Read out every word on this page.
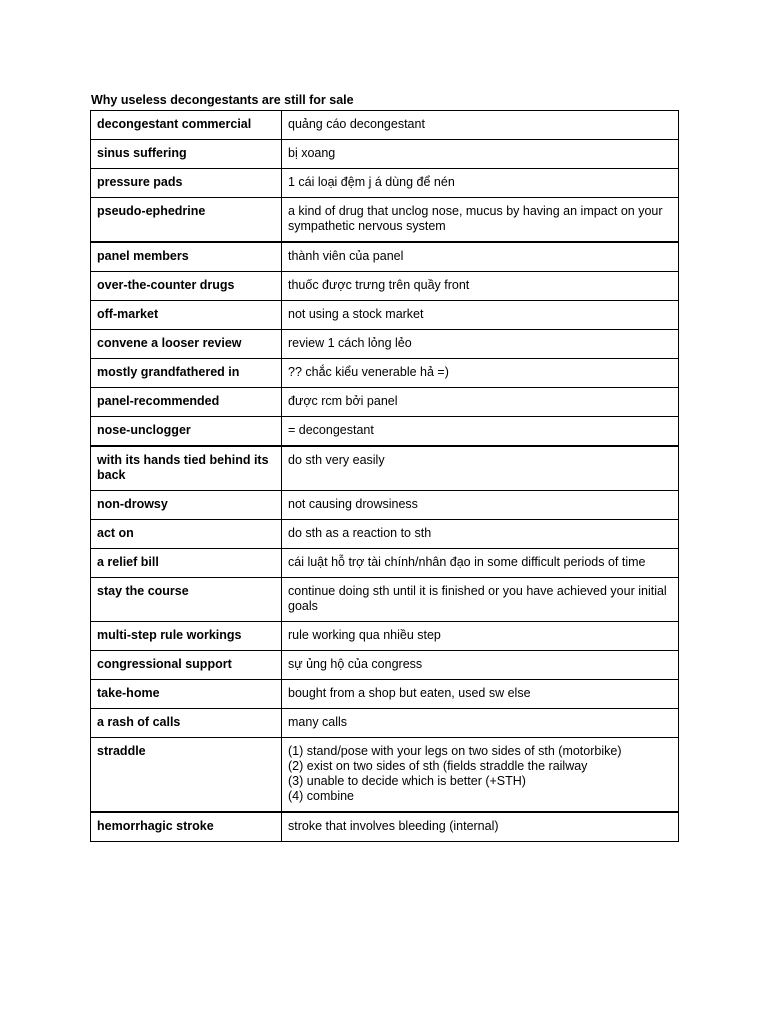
Why useless decongestants are still for sale
decongestant commercial	quảng cáo decongestant

sinus suffering	bị xoang

pressure pads	1 cái loại đệm j á dùng để nén

pseudo-ephedrine	a kind of drug that unclog nose, mucus by having an impact on your sympathetic nervous system

panel members	thành viên của panel

over-the-counter drugs	thuốc được trưng trên quầy front

off-market	not using a stock market

convene a looser review	review 1 cách lỏng lẻo

mostly grandfathered in	?? chắc kiểu venerable hả =)

panel-recommended	được rcm bởi panel

nose-unclogger	= decongestant

with its hands tied behind its back	do sth very easily

non-drowsy	not causing drowsiness

act on	do sth as a reaction to sth

a relief bill	cái luật hỗ trợ tài chính/nhân đạo in some difficult periods of time

stay the course	continue doing sth until it is finished or you have achieved your initial goals

multi-step rule workings	rule working qua nhiều step

congressional support	sự ủng hộ của congress

take-home	bought from a shop but eaten, used sw else

a rash of calls	many calls

straddle	(1) stand/pose with your legs on two sides of sth (motorbike)
(2) exist on two sides of sth (fields straddle the railway
(3) unable to decide which is better (+STH)
(4) combine

hemorrhagic stroke	stroke that involves bleeding (internal)
